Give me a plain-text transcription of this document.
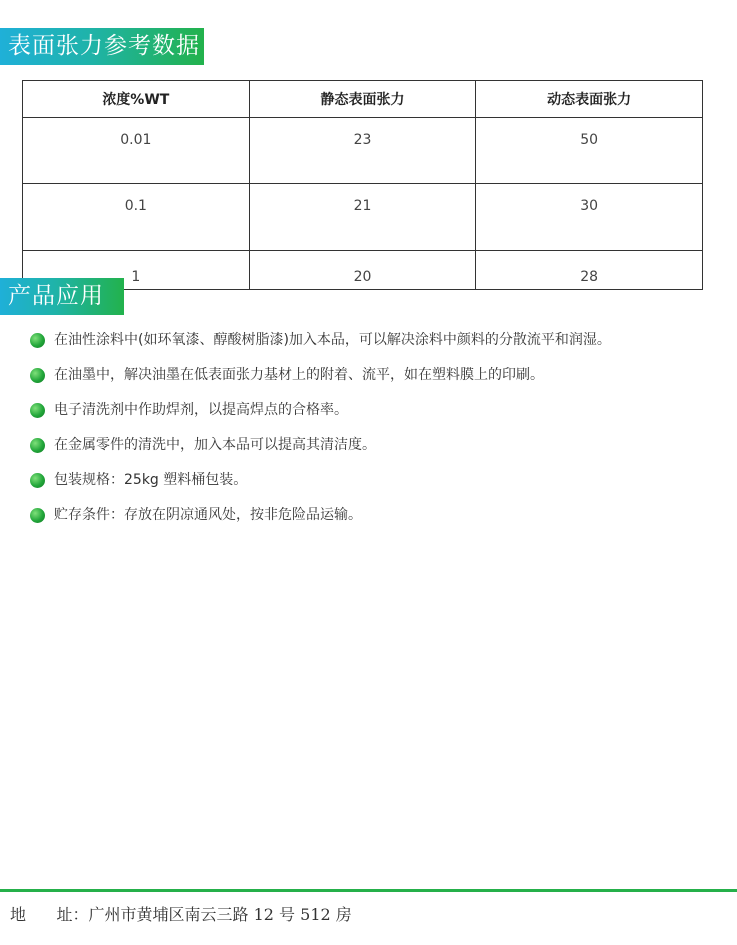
表面张力参考数据
浓度%WT	静态表面张力	动态表面张力
0.01	23	50
0.1	21	30
1	20	28
产品应用
在油性涂料中(如环氧漆、醇酸树脂漆)加入本品，可以解决涂料中颜料的分散流平和润湿。
在油墨中，解决油墨在低表面张力基材上的附着、流平，如在塑料膜上的印刷。
电子清洗剂中作助焊剂，以提高焊点的合格率。
在金属零件的清洗中，加入本品可以提高其清洁度。
包装规格：25kg 塑料桶包装。
贮存条件：存放在阴凉通风处，按非危险品运输。
地      址：广州市黄埔区南云三路 12 号 512 房
